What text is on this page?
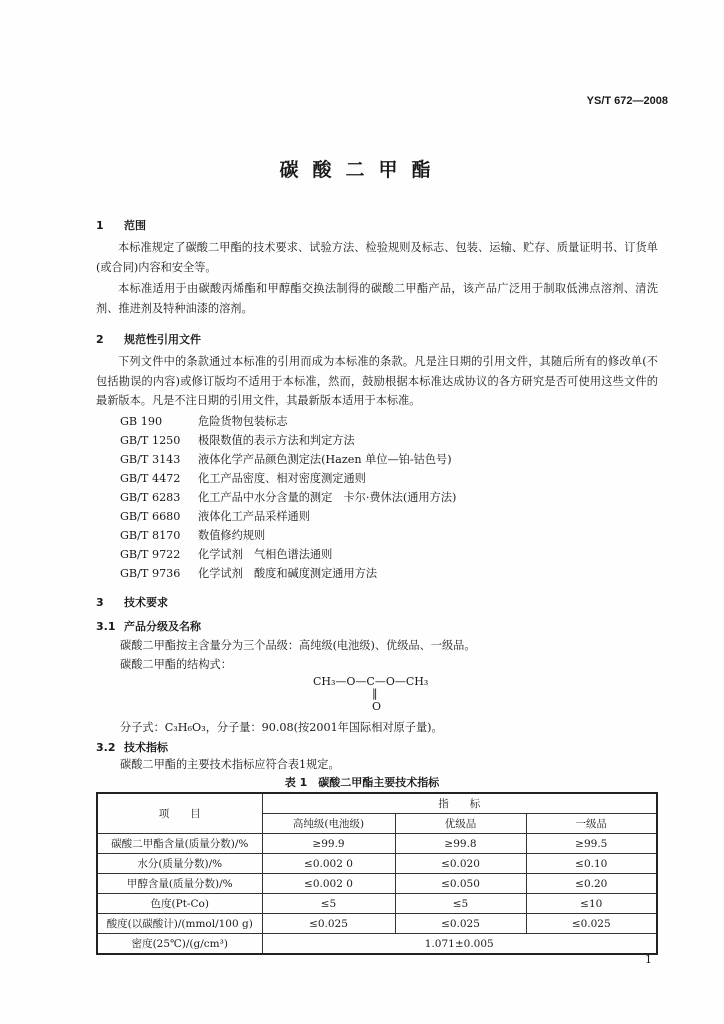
YS/T 672—2008
碳酸二甲酯
1 范围
本标准规定了碳酸二甲酯的技术要求、试验方法、检验规则及标志、包装、运输、贮存、质量证明书、订货单(或合同)内容和安全等。
本标准适用于由碳酸丙烯酯和甲醇酯交换法制得的碳酸二甲酯产品，该产品广泛用于制取低沸点溶剂、清洗剂、推进剂及特种油漆的溶剂。
2 规范性引用文件
下列文件中的条款通过本标准的引用而成为本标准的条款。凡是注日期的引用文件，其随后所有的修改单(不包括勘误的内容)或修订版均不适用于本标准，然而，鼓励根据本标准达成协议的各方研究是否可使用这些文件的最新版本。凡是不注日期的引用文件，其最新版本适用于本标准。
GB 190	危险货物包装标志
GB/T 1250 极限数值的表示方法和判定方法
GB/T 3143 液体化学产品颜色测定法(Hazen 单位—铂-钴色号)
GB/T 4472 化工产品密度、相对密度测定通则
GB/T 6283 化工产品中水分含量的测定　卡尔·费休法(通用方法)
GB/T 6680 液体化工产品采样通则
GB/T 8170 数值修约规则
GB/T 9722 化学试剂　气相色谱法通则
GB/T 9736 化学试剂　酸度和碱度测定通用方法
3 技术要求
3.1 产品分级及名称
碳酸二甲酯按主含量分为三个品级：高纯级(电池级)、优级品、一级品。
碳酸二甲酯的结构式：
CH₃—O—C—O—CH₃
‖
O
分子式：C₃H₆O₃，分子量：90.08(按2001年国际相对原子量)。
3.2 技术指标
碳酸二甲酯的主要技术指标应符合表1规定。
表 1　碳酸二甲酯主要技术指标
项　　目	指　　标		
	高纯级(电池级)	优级品	一级品
碳酸二甲酯含量(质量分数)/%	≥99.9	≥99.8	≥99.5
水分(质量分数)/%	≤0.002 0	≤0.020	≤0.10
甲醇含量(质量分数)/%	≤0.002 0	≤0.050	≤0.20
色度(Pt-Co)	≤5	≤5	≤10
酸度(以碳酸计)/(mmol/100 g)	≤0.025	≤0.025	≤0.025
密度(25℃)/(g/cm³)	1.071±0.005		
1
